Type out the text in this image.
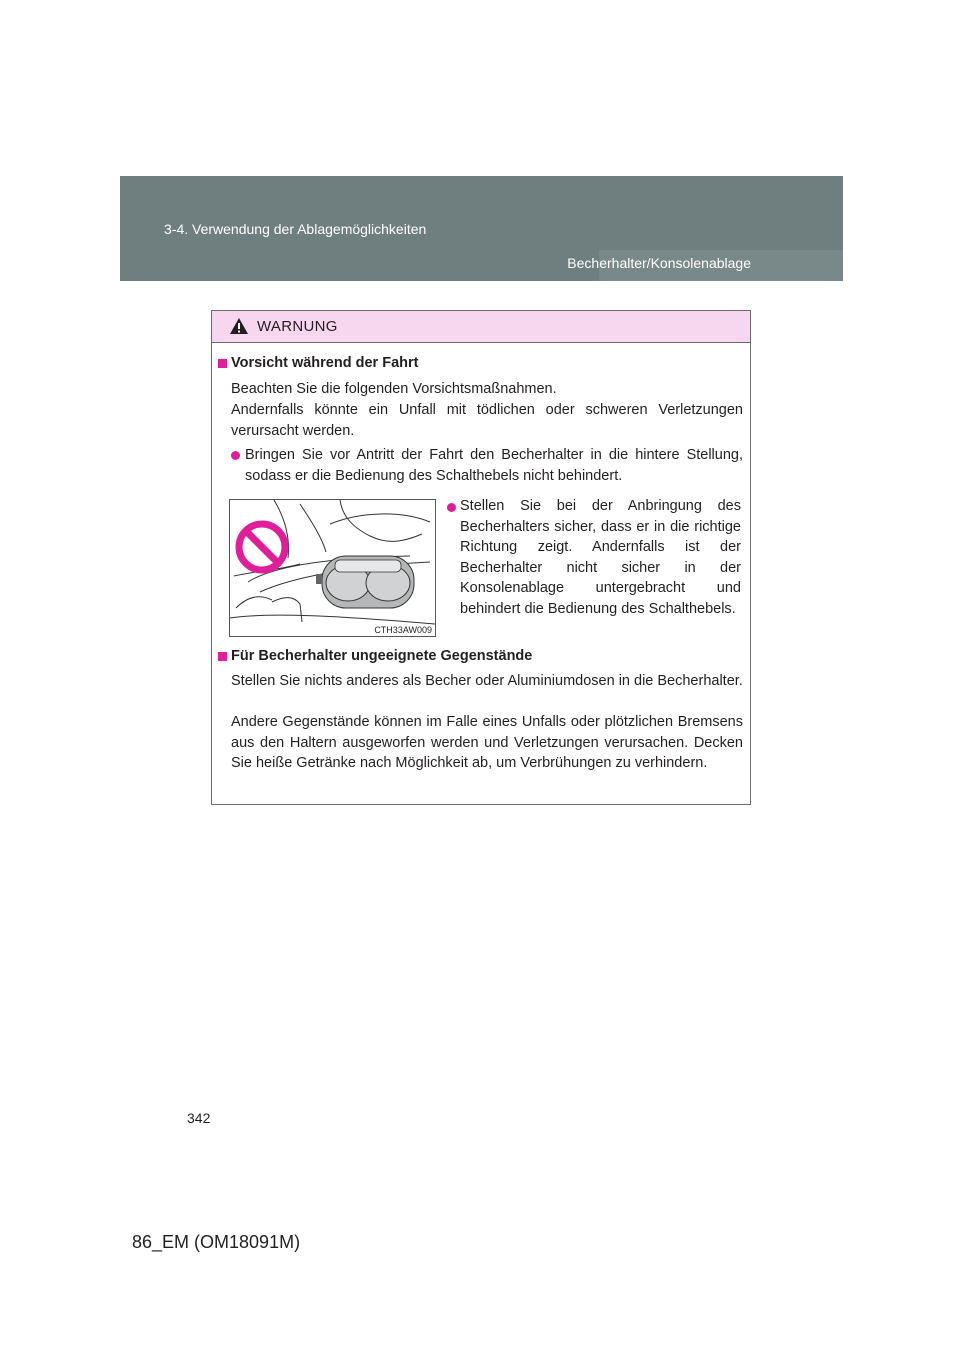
3-4. Verwendung der Ablagemöglichkeiten
Becherhalter/Konsolenablage
WARNUNG
Vorsicht während der Fahrt
Beachten Sie die folgenden Vorsichtsmaßnahmen.
Andernfalls könnte ein Unfall mit tödlichen oder schweren Verletzungen verursacht werden.
Bringen Sie vor Antritt der Fahrt den Becherhalter in die hintere Stellung, sodass er die Bedienung des Schalthebels nicht behindert.
CTH33AW009
Stellen Sie bei der Anbringung des Becherhalters sicher, dass er in die richtige Richtung zeigt. Andernfalls ist der Becherhalter nicht sicher in der Konsolenablage untergebracht und behindert die Bedienung des Schalthebels.
Für Becherhalter ungeeignete Gegenstände
Stellen Sie nichts anderes als Becher oder Aluminiumdosen in die Becherhalter.
Andere Gegenstände können im Falle eines Unfalls oder plötzlichen Bremsens aus den Haltern ausgeworfen werden und Verletzungen verursachen. Decken Sie heiße Getränke nach Möglichkeit ab, um Verbrühungen zu verhindern.
342
86_EM (OM18091M)
